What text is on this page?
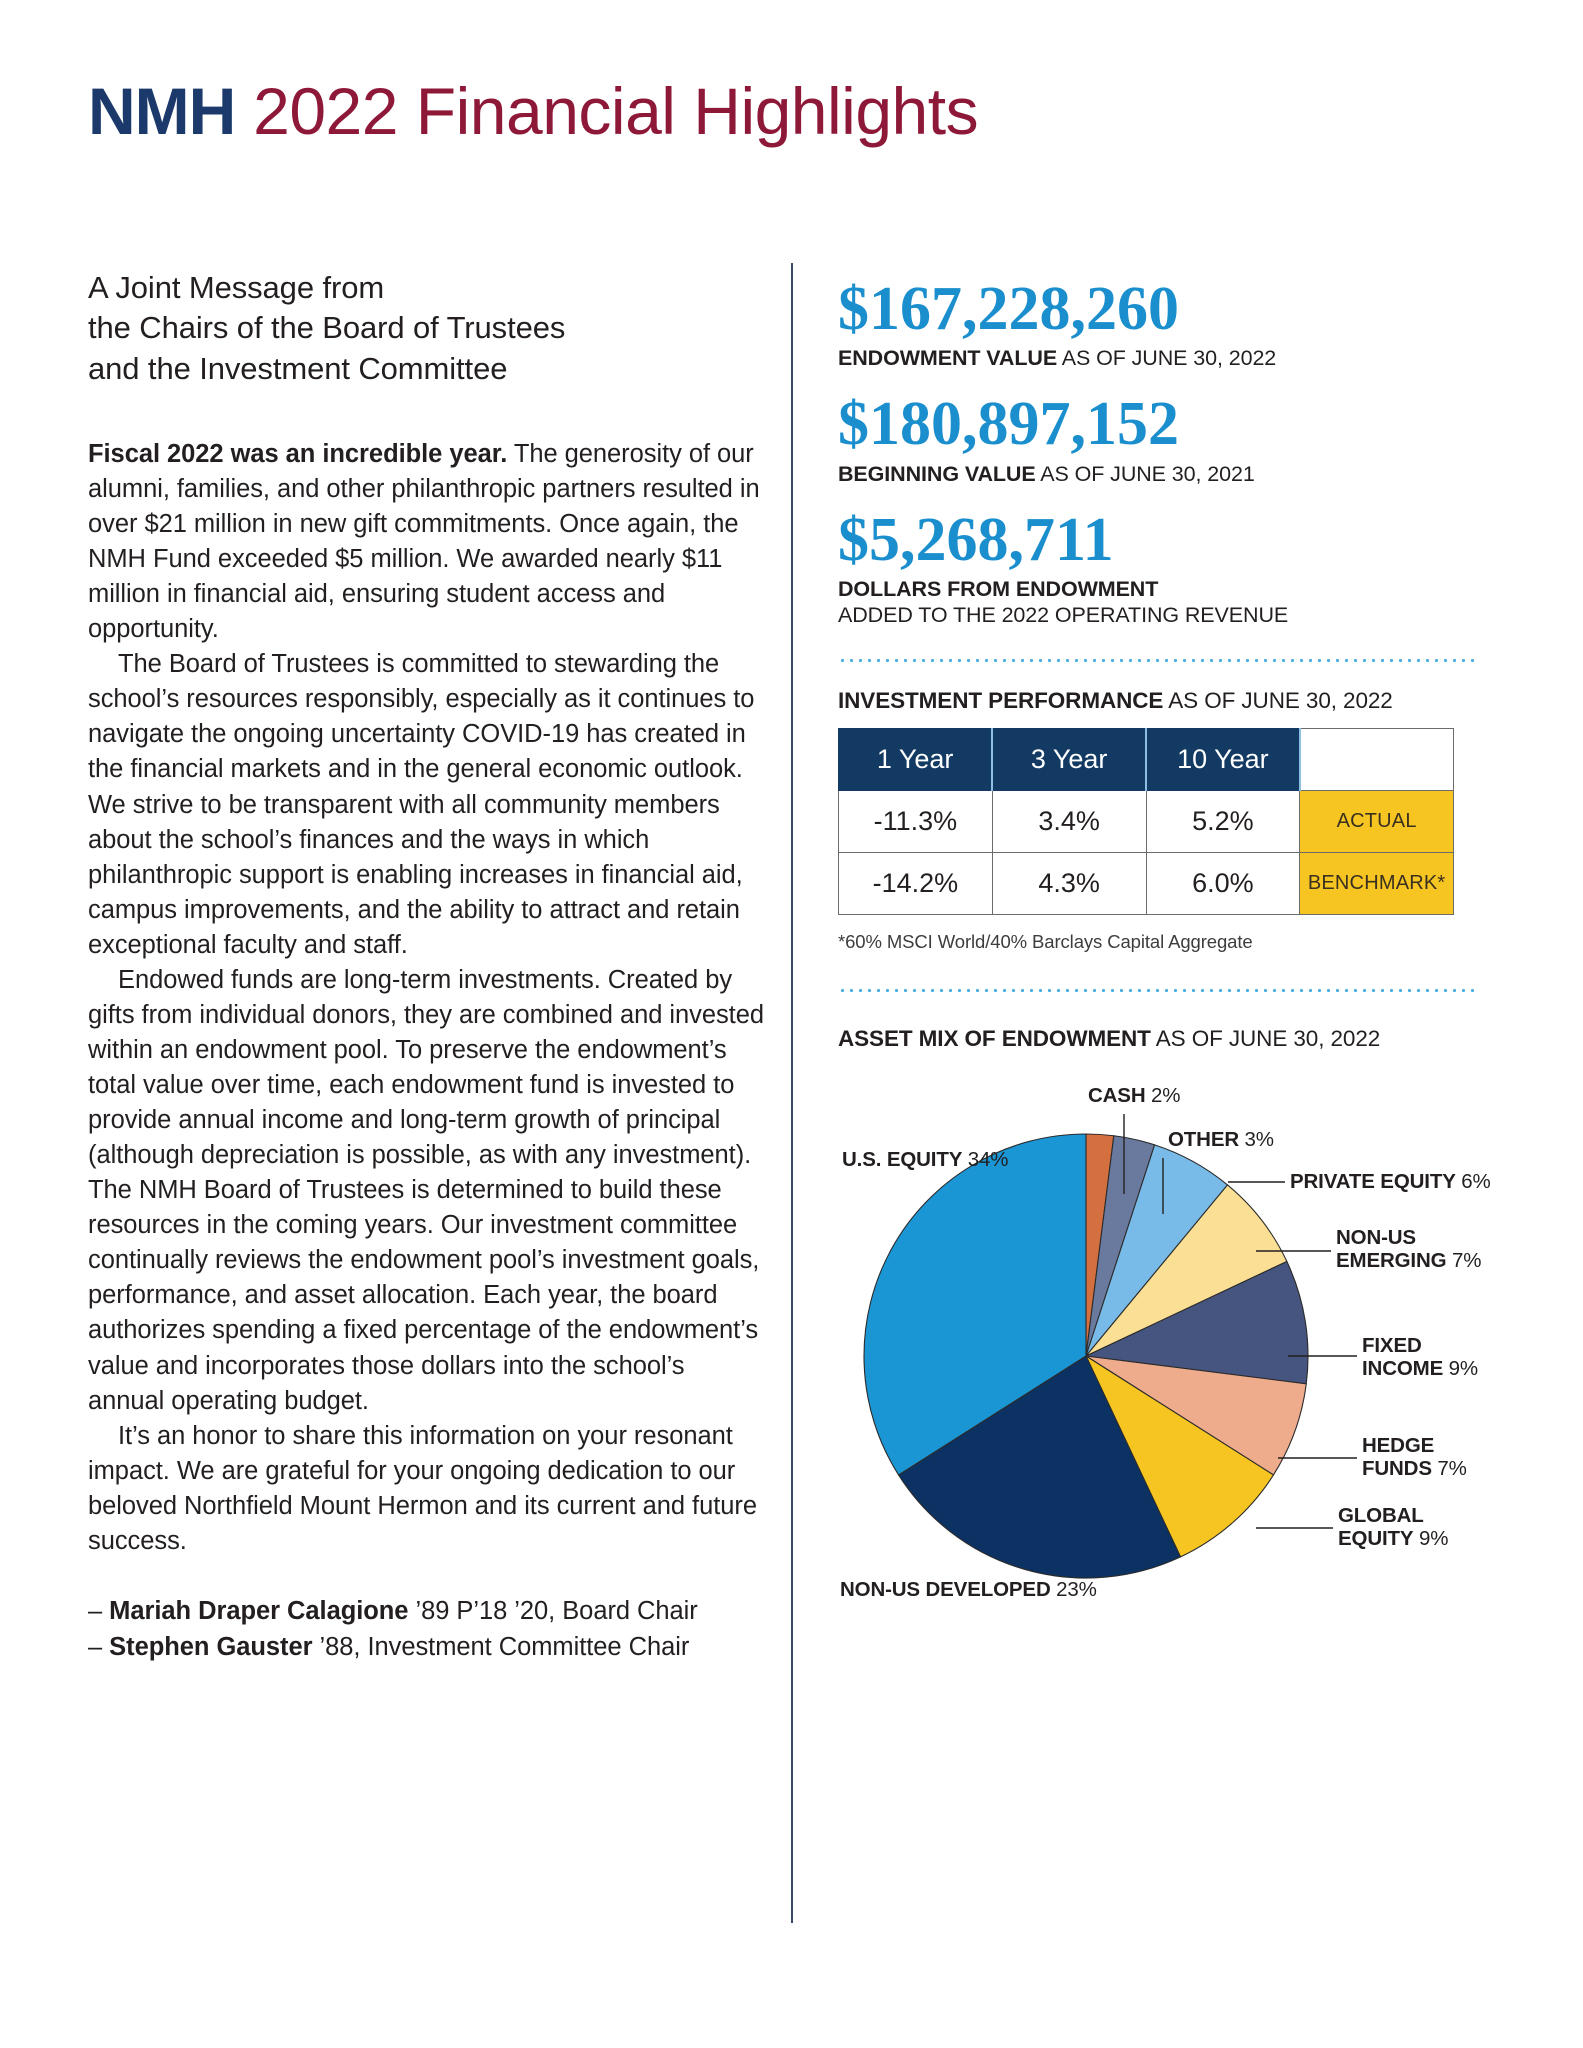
NMH 2022 Financial Highlights
A Joint Message from
the Chairs of the Board of Trustees
and the Investment Committee

Fiscal 2022 was an incredible year. The generosity of our alumni, families, and other philanthropic partners resulted in over $21 million in new gift commitments. Once again, the NMH Fund exceeded $5 million. We awarded nearly $11 million in financial aid, ensuring student access and opportunity.

The Board of Trustees is committed to stewarding the school’s resources responsibly, especially as it continues to navigate the ongoing uncertainty COVID-19 has created in the financial markets and in the general economic outlook. We strive to be transparent with all community members about the school’s finances and the ways in which philanthropic support is enabling increases in financial aid, campus improvements, and the ability to attract and retain exceptional faculty and staff.

Endowed funds are long-term investments. Created by gifts from individual donors, they are combined and invested within an endowment pool. To preserve the endowment’s total value over time, each endowment fund is invested to provide annual income and long-term growth of principal (although depreciation is possible, as with any investment). The NMH Board of Trustees is determined to build these resources in the coming years. Our investment committee continually reviews the endowment pool’s investment goals, performance, and asset allocation. Each year, the board authorizes spending a fixed percentage of the endowment’s value and incorporates those dollars into the school’s annual operating budget.

It’s an honor to share this information on your resonant impact. We are grateful for your ongoing dedication to our beloved Northfield Mount Hermon and its current and future success.

– Mariah Draper Calagione ’89 P’18 ’20, Board Chair
– Stephen Gauster ’88, Investment Committee Chair
$167,228,260
ENDOWMENT VALUE AS OF JUNE 30, 2022
$180,897,152
BEGINNING VALUE AS OF JUNE 30, 2021
$5,268,711
DOLLARS FROM ENDOWMENT
ADDED TO THE 2022 OPERATING REVENUE
INVESTMENT PERFORMANCE AS OF JUNE 30, 2022
1 Year	3 Year	10 Year	
-11.3%	3.4%	5.2%	ACTUAL
-14.2%	4.3%	6.0%	BENCHMARK*
*60% MSCI World/40% Barclays Capital Aggregate
ASSET MIX OF ENDOWMENT AS OF JUNE 30, 2022
CASH 2%
OTHER 3%
PRIVATE EQUITY 6%
NON-US
EMERGING 7%
FIXED
INCOME 9%
HEDGE
FUNDS 7%
GLOBAL
EQUITY 9%
NON-US DEVELOPED 23%
U.S. EQUITY 34%
